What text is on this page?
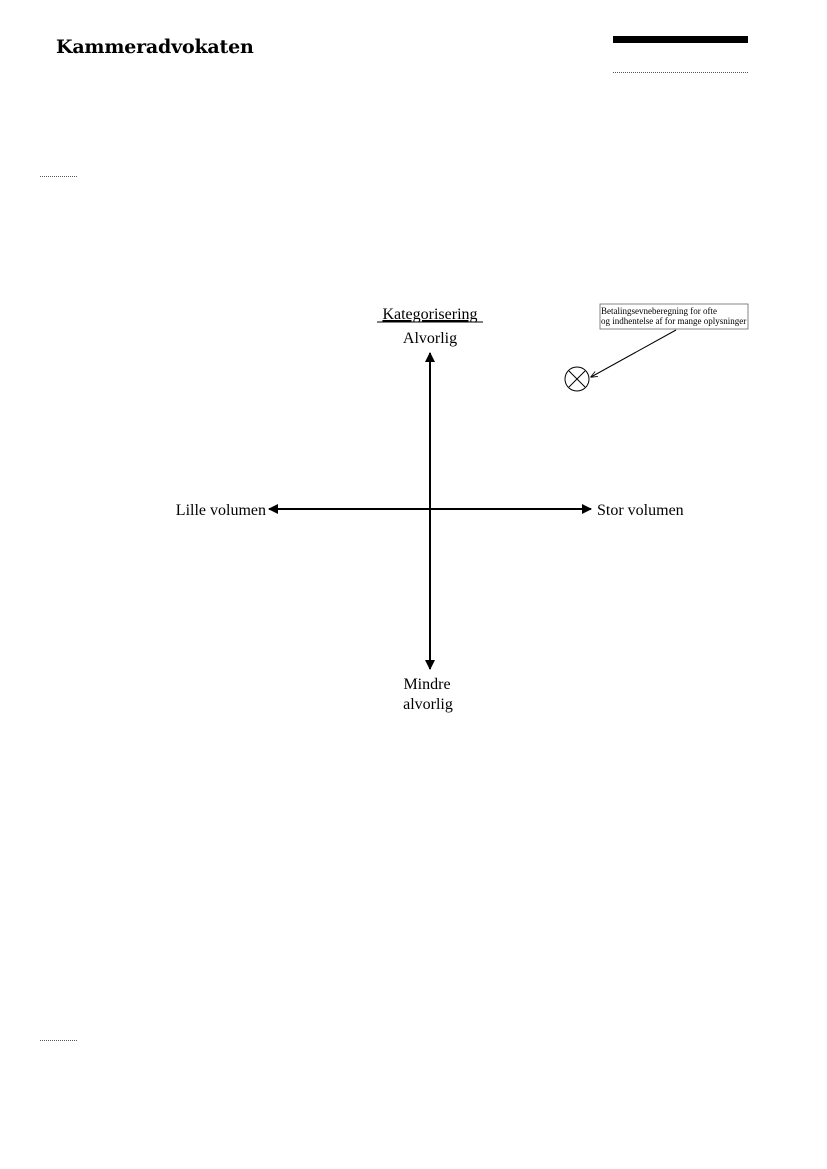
Kammeradvokaten
Kategorisering
Alvorlig
Mindre
alvorlig
Lille volumen	Stor volumen
Betalingsevneberegning for ofte
og indhentelse af for mange oplysninger
